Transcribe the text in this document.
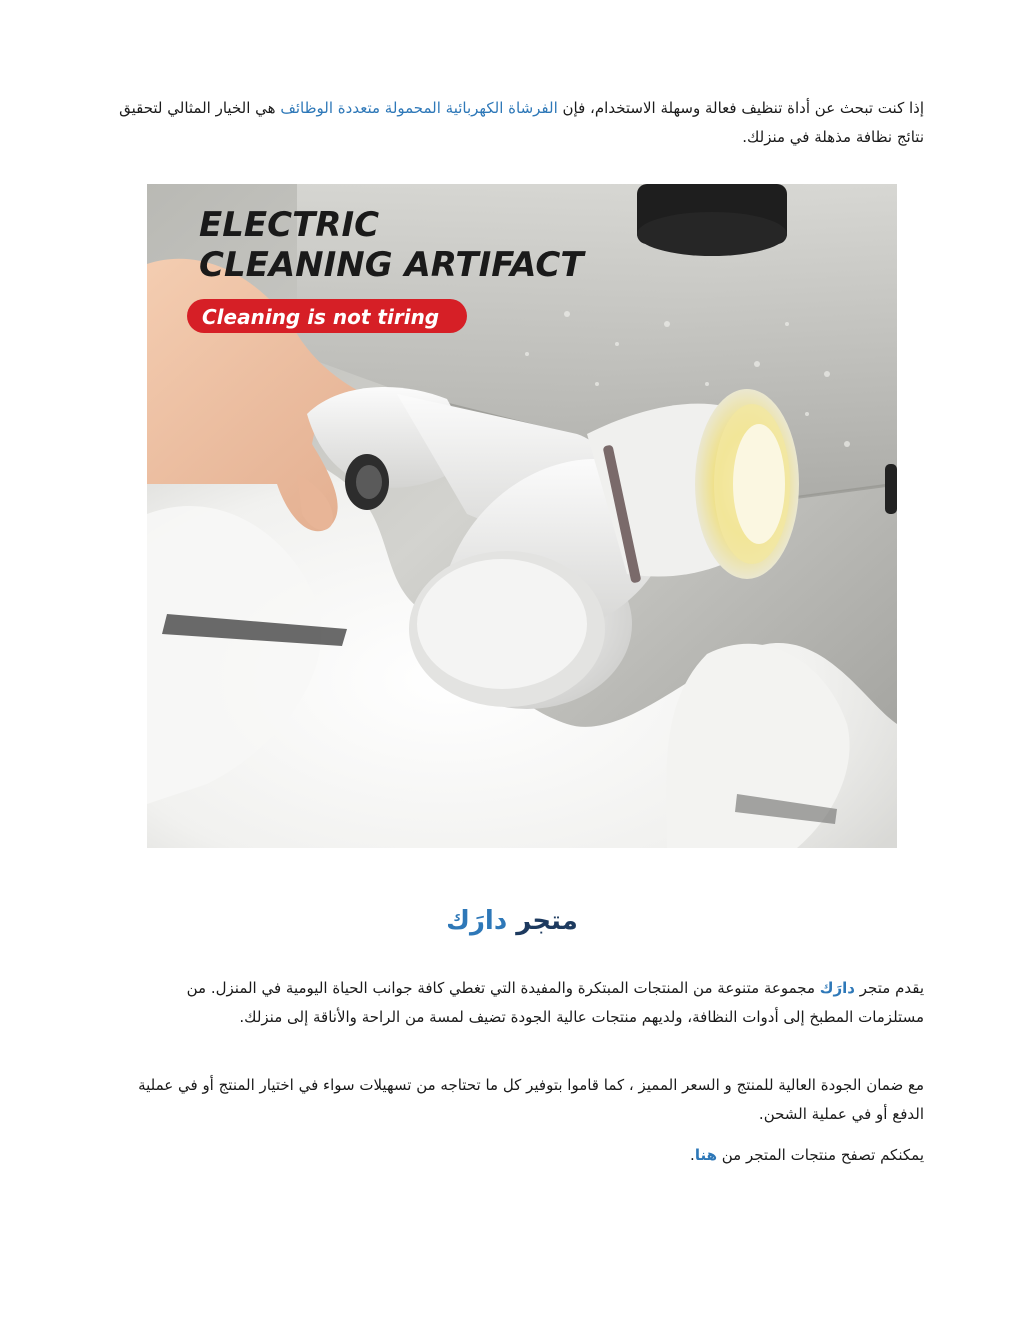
إذا كنت تبحث عن أداة تنظيف فعالة وسهلة الاستخدام، فإن الفرشاة الكهربائية المحمولة متعددة الوظائف هي الخيار المثالي لتحقيق نتائج نظافة مذهلة في منزلك.

ELECTRIC
CLEANING ARTIFACT
Cleaning is not tiring
متجر دارَك

يقدم متجر دارَك مجموعة متنوعة من المنتجات المبتكرة والمفيدة التي تغطي كافة جوانب الحياة اليومية في المنزل. من مستلزمات المطبخ إلى أدوات النظافة، ولديهم منتجات عالية الجودة تضيف لمسة من الراحة والأناقة إلى منزلك.

مع ضمان الجودة العالية للمنتج و السعر المميز ، كما قاموا بتوفير كل ما تحتاجه من تسهيلات سواء في اختيار المنتج أو في عملية الدفع أو في عملية الشحن.

يمكنكم تصفح منتجات المتجر من هنا.
